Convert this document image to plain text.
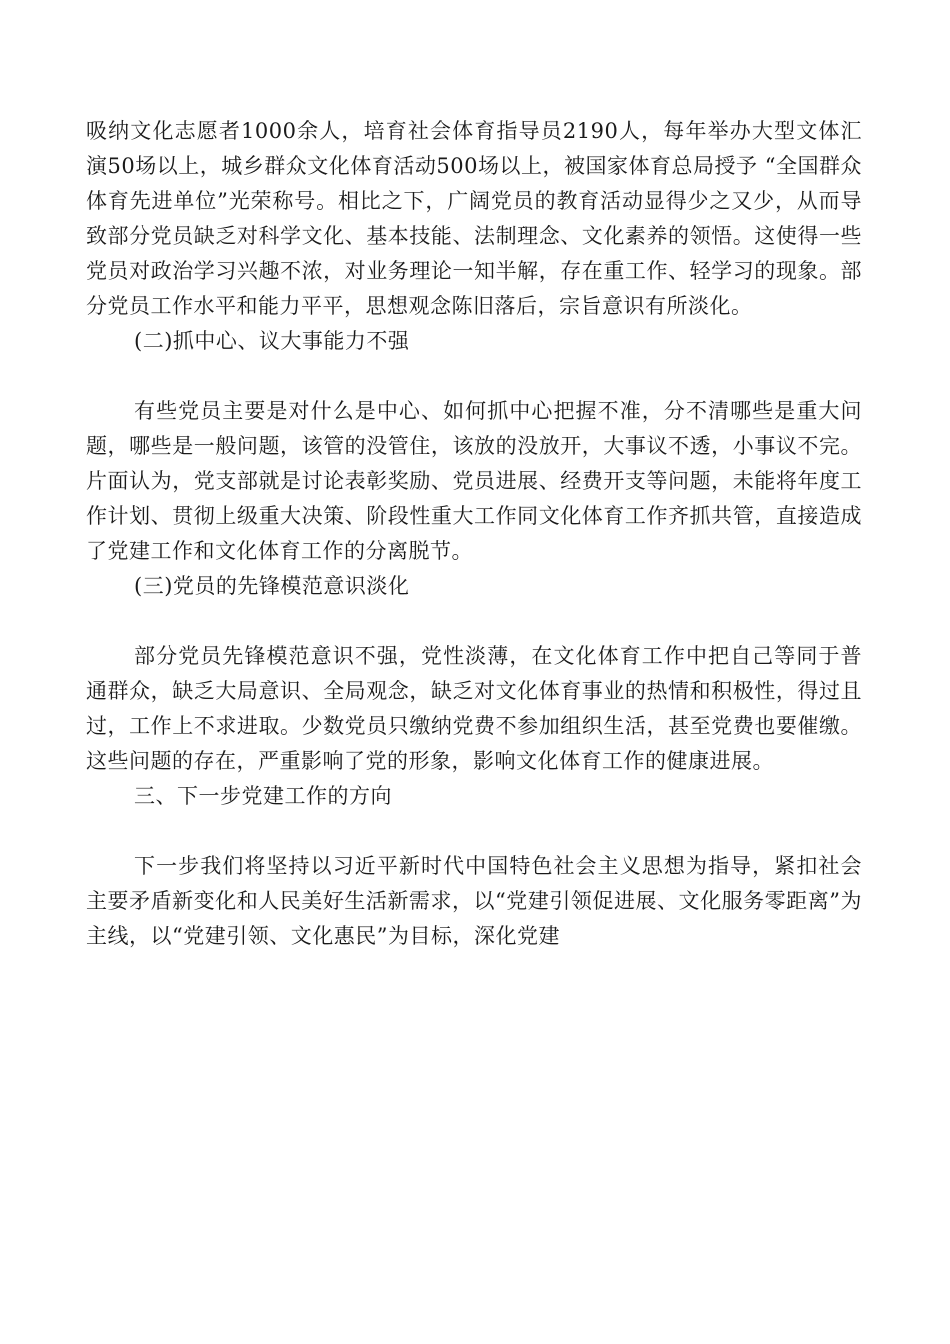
吸纳文化志愿者1000余人，培育社会体育指导员2190人，每年举办大型文体汇演50场以上，城乡群众文化体育活动500场以上，被国家体育总局授予 “全国群众体育先进单位”光荣称号。相比之下，广阔党员的教育活动显得少之又少，从而导致部分党员缺乏对科学文化、基本技能、法制理念、文化素养的领悟。这使得一些党员对政治学习兴趣不浓，对业务理论一知半解，存在重工作、轻学习的现象。部分党员工作水平和能力平平，思想观念陈旧落后，宗旨意识有所淡化。

(二)抓中心、议大事能力不强

有些党员主要是对什么是中心、如何抓中心把握不准，分不清哪些是重大问题，哪些是一般问题，该管的没管住，该放的没放开，大事议不透，小事议不完。片面认为，党支部就是讨论表彰奖励、党员进展、经费开支等问题，未能将年度工作计划、贯彻上级重大决策、阶段性重大工作同文化体育工作齐抓共管，直接造成了党建工作和文化体育工作的分离脱节。

(三)党员的先锋模范意识淡化

部分党员先锋模范意识不强，党性淡薄，在文化体育工作中把自己等同于普通群众，缺乏大局意识、全局观念，缺乏对文化体育事业的热情和积极性，得过且过，工作上不求进取。少数党员只缴纳党费不参加组织生活，甚至党费也要催缴。这些问题的存在，严重影响了党的形象，影响文化体育工作的健康进展。

三、下一步党建工作的方向

下一步我们将坚持以习近平新时代中国特色社会主义思想为指导，紧扣社会主要矛盾新变化和人民美好生活新需求，以“党建引领促进展、文化服务零距离”为主线，以“党建引领、文化惠民”为目标，深化党建
